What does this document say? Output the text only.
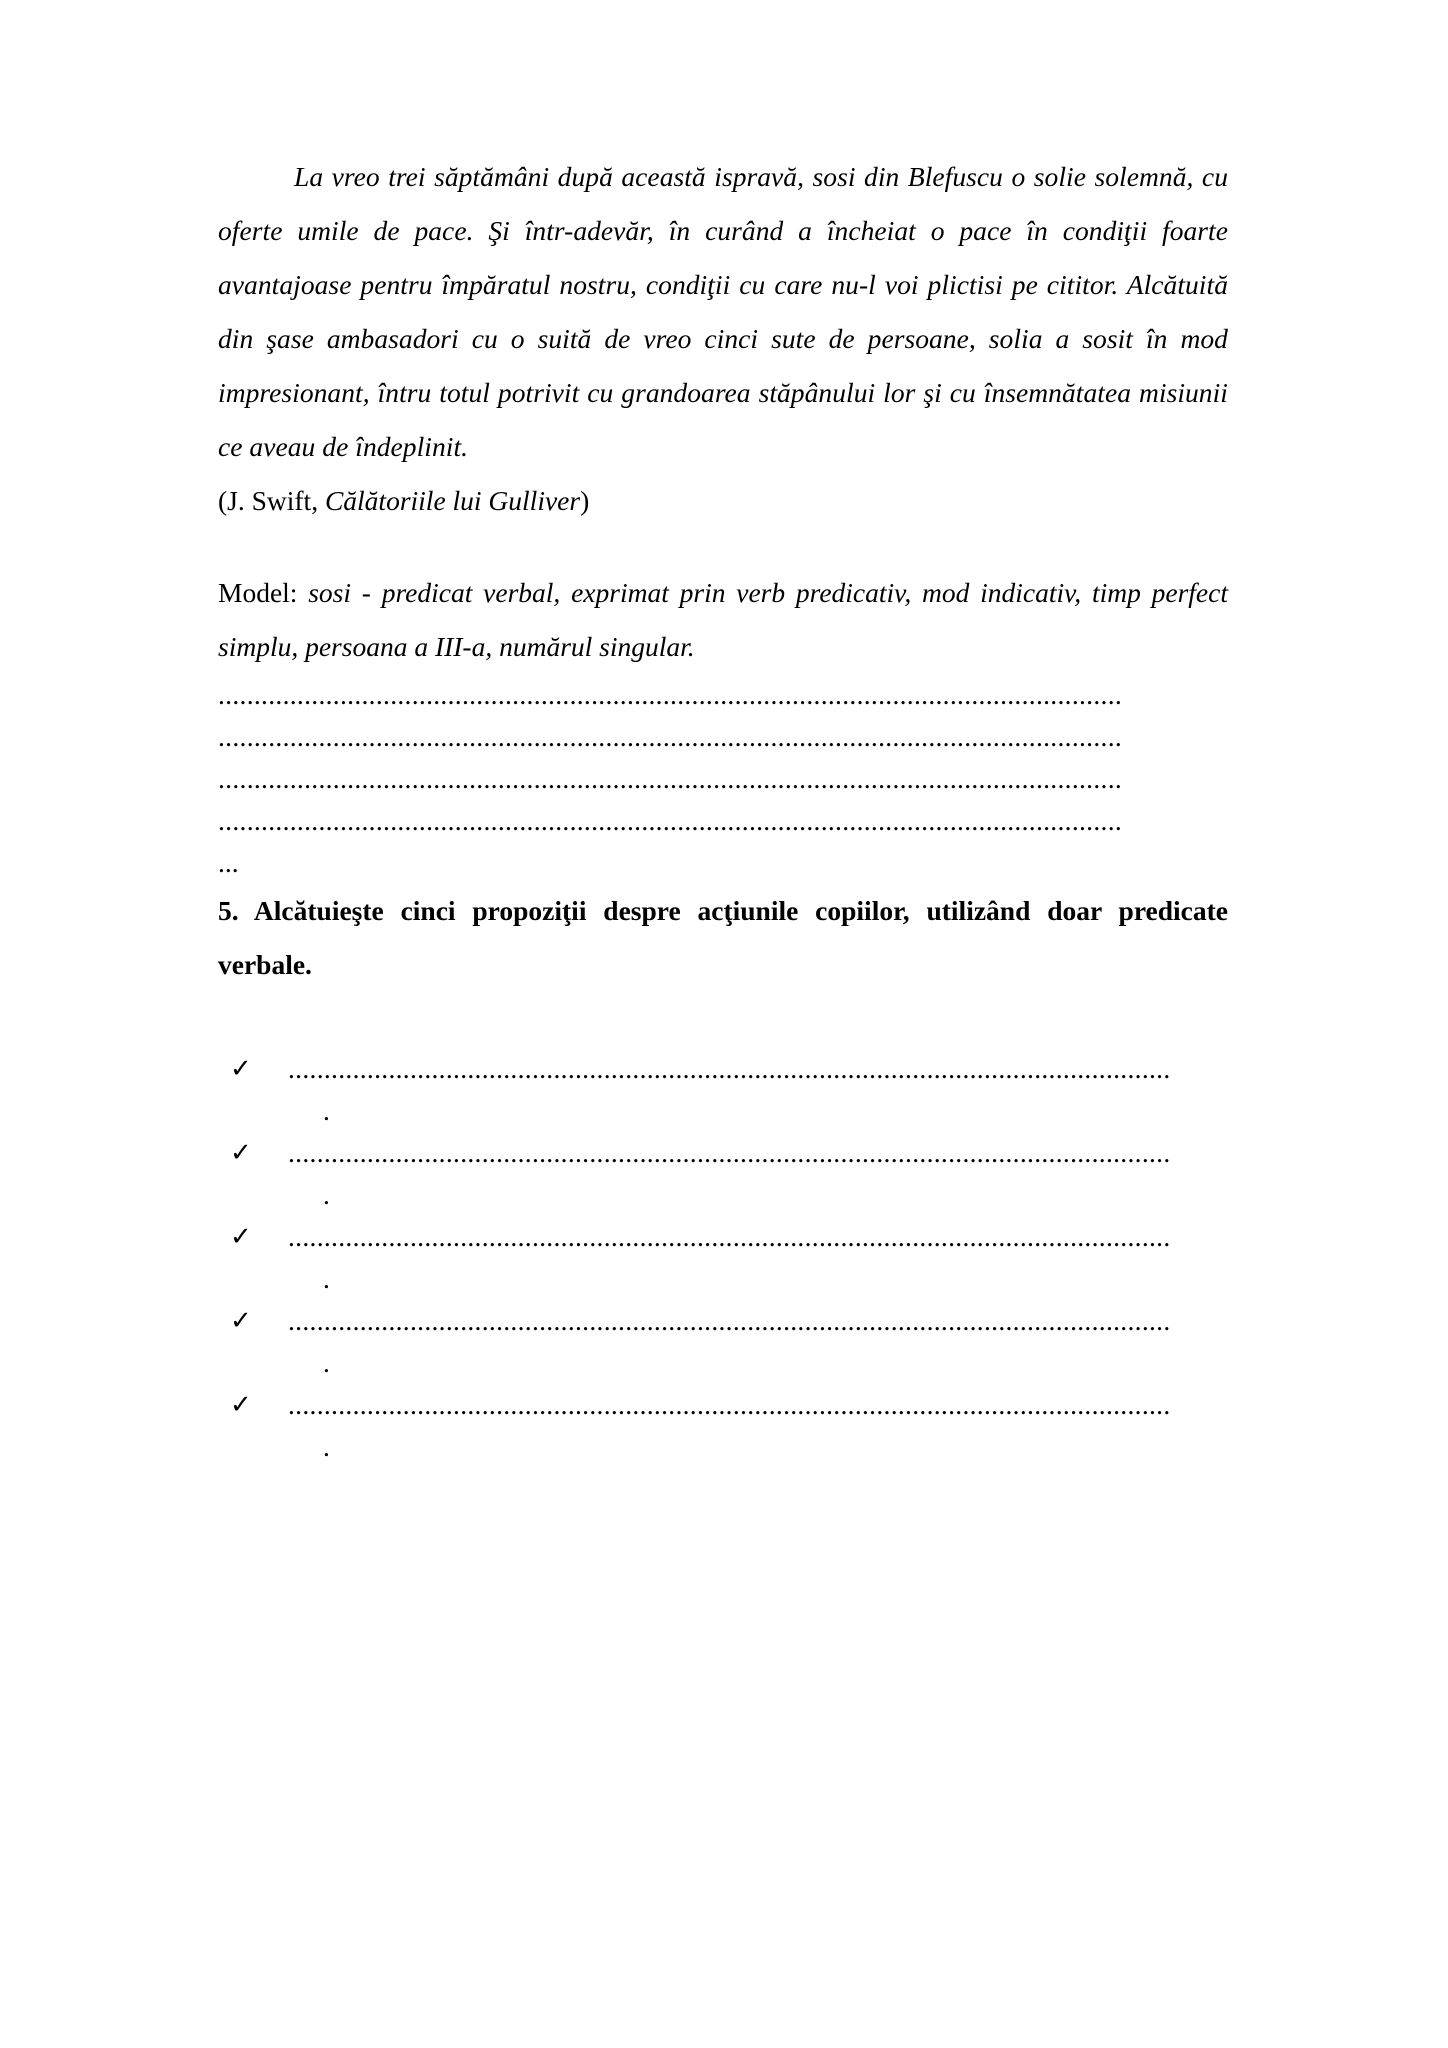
La vreo trei săptămâni după această ispravă, sosi din Blefuscu o solie solemnă, cu oferte umile de pace. Şi într-adevăr, în curând a încheiat o pace în condiţii foarte avantajoase pentru împăratul nostru, condiţii cu care nu-l voi plictisi pe cititor. Alcătuită din şase ambasadori cu o suită de vreo cinci sute de persoane, solia a sosit în mod impresionant, întru totul potrivit cu grandoarea stăpânului lor şi cu însemnătatea misiunii ce aveau de îndeplinit.

(J. Swift, Călătoriile lui Gulliver)

Model: sosi - predicat verbal, exprimat prin verb predicativ, mod indicativ, timp perfect simplu, persoana a III-a, numărul singular.

..............................................................................................................................
..............................................................................................................................
..............................................................................................................................
..............................................................................................................................
...

5. Alcătuieşte cinci propoziţii despre acţiunile copiilor, utilizând doar predicate verbale.

✓ ...........................................................................................................................
.
✓ ...........................................................................................................................
.
✓ ...........................................................................................................................
.
✓ ...........................................................................................................................
.
✓ ...........................................................................................................................
.
